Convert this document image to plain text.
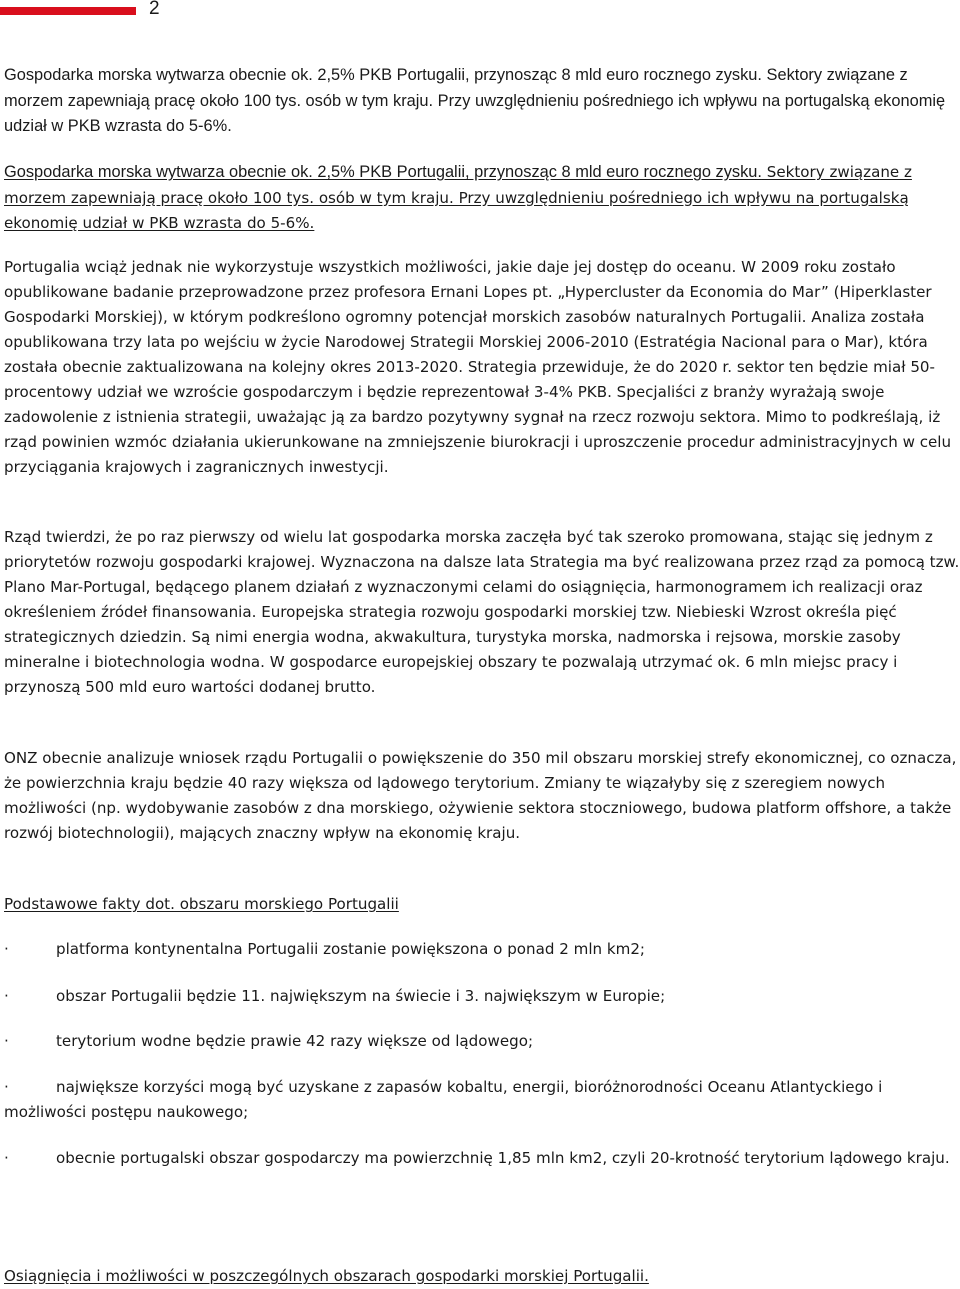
2

Gospodarka morska wytwarza obecnie ok. 2,5% PKB Portugalii, przynosząc 8 mld euro rocznego zysku. Sektory związane z morzem zapewniają pracę około 100 tys. osób w tym kraju. Przy uwzględnieniu pośredniego ich wpływu na portugalską ekonomię udział w PKB wzrasta do 5-6%.

Gospodarka morska wytwarza obecnie ok. 2,5% PKB Portugalii, przynosząc 8 mld euro rocznego zysku. Sektory związane z morzem zapewniają pracę około 100 tys. osób w tym kraju. Przy uwzględnieniu pośredniego ich wpływu na portugalską ekonomię udział w PKB wzrasta do 5-6%.

Portugalia wciąż jednak nie wykorzystuje wszystkich możliwości, jakie daje jej dostęp do oceanu. W 2009 roku zostało opublikowane badanie przeprowadzone przez profesora Ernani Lopes pt. „Hypercluster da Economia do Mar” (Hiperklaster Gospodarki Morskiej), w którym podkreślono ogromny potencjał morskich zasobów naturalnych Portugalii. Analiza została opublikowana trzy lata po wejściu w życie Narodowej Strategii Morskiej 2006-2010 (Estratégia Nacional para o Mar), która została obecnie zaktualizowana na kolejny okres 2013-2020. Strategia przewiduje, że do 2020 r. sektor ten będzie miał 50-procentowy udział we wzroście gospodarczym i będzie reprezentował 3-4% PKB. Specjaliści z branży wyrażają swoje zadowolenie z istnienia strategii, uważając ją za bardzo pozytywny sygnał na rzecz rozwoju sektora. Mimo to podkreślają, iż rząd powinien wzmóc działania ukierunkowane na zmniejszenie biurokracji i uproszczenie procedur administracyjnych w celu przyciągania krajowych i zagranicznych inwestycji.

Rząd twierdzi, że po raz pierwszy od wielu lat gospodarka morska zaczęła być tak szeroko promowana, stając się jednym z priorytetów rozwoju gospodarki krajowej. Wyznaczona na dalsze lata Strategia ma być realizowana przez rząd za pomocą tzw. Plano Mar-Portugal, będącego planem działań z wyznaczonymi celami do osiągnięcia, harmonogramem ich realizacji oraz określeniem źródeł finansowania. Europejska strategia rozwoju gospodarki morskiej tzw. Niebieski Wzrost określa pięć strategicznych dziedzin. Są nimi energia wodna, akwakultura, turystyka morska, nadmorska i rejsowa, morskie zasoby mineralne i biotechnologia wodna. W gospodarce europejskiej obszary te pozwalają utrzymać ok. 6 mln miejsc pracy i przynoszą 500 mld euro wartości dodanej brutto.

ONZ obecnie analizuje wniosek rządu Portugalii o powiększenie do 350 mil obszaru morskiej strefy ekonomicznej, co oznacza, że powierzchnia kraju będzie 40 razy większa od lądowego terytorium. Zmiany te wiązałyby się z szeregiem nowych możliwości (np. wydobywanie zasobów z dna morskiego, ożywienie sektora stoczniowego, budowa platform offshore, a także rozwój biotechnologii), mających znaczny wpływ na ekonomię kraju.

Podstawowe fakty dot. obszaru morskiego Portugalii

·	platforma kontynentalna Portugalii zostanie powiększona o ponad 2 mln km2;

·	obszar Portugalii będzie 11. największym na świecie i 3. największym w Europie;

·	terytorium wodne będzie prawie 42 razy większe od lądowego;

·	największe korzyści mogą być uzyskane z zapasów kobaltu, energii, bioróżnorodności Oceanu Atlantyckiego i możliwości postępu naukowego;

·	obecnie portugalski obszar gospodarczy ma powierzchnię 1,85 mln km2, czyli 20-krotność terytorium lądowego kraju.

Osiągnięcia i możliwości w poszczególnych obszarach gospodarki morskiej Portugalii.
